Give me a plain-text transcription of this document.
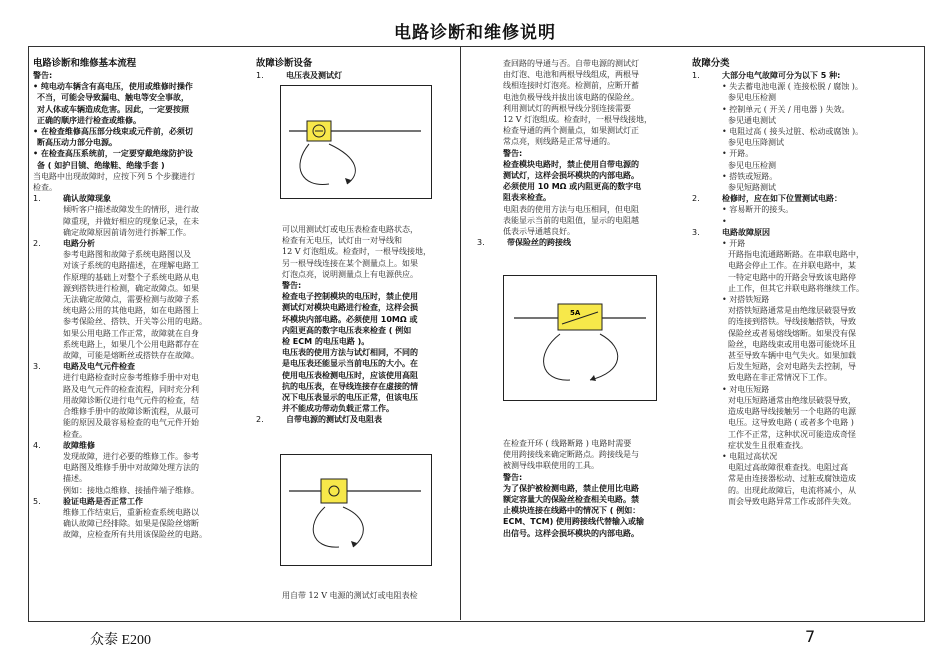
电路诊断和维修说明

电路诊断和维修基本流程

警告:

• 纯电动车辆含有高电压，使用或维修时操作

不当，可能会导致漏电、触电等安全事故，

对人体或车辆造成危害。因此，一定要按照

正确的顺序进行检查或维修。

• 在检查维修高压部分线束或元件前，必须切

断高压动力部分电源。

• 在检查高压系统前，一定要穿戴绝缘防护设

备 ( 如护目镜、绝缘鞋、绝缘手套 )

当电路中出现故障时，应按下列 5 个步骤进行

检查。

1.	确认故障现象

倾听客户描述故障发生的情形，进行故

障重现，并做好相应的现象记录，在未

确定故障原因前请勿进行拆解工作。

2.	电路分析

参考电路图和故障子系统电路图以及

对该子系统的电路描述，在理解电路工

作原理的基础上对整个子系统电路从电

源到搭铁进行检测，确定故障点。如果

无法确定故障点，需要检测与故障子系

统电路公用的其他电路，如在电路图上

参考保险丝、搭铁、开关等公用的电路。

如果公用电路工作正常，故障就在自身

系统电路上，如果几个公用电路都存在

故障，可能是熔断丝或搭铁存在故障。

3.	电路及电气元件检查

进行电路检查时应参考维修手册中对电

路及电气元件的检查流程，同时充分利

用故障诊断仪进行电气元件的检查，结

合维修手册中的故障诊断流程，从最可

能的原因及最容易检查的电气元件开始

检查。

4.	故障维修

发现故障，进行必要的维修工作。参考

电路图及维修手册中对故障处理方法的

描述。

例如：接地点维修、接插件端子维修。

5.	验证电路是否正常工作

维修工作结束后，重新检查系统电路以

确认故障已经排除。如果是保险丝熔断

故障，应检查所有共用该保险丝的电路。

故障诊断设备

1.	电压表及测试灯

可以用测试灯或电压表检查电路状态，

检查有无电压，试灯由一对导线和

12 V 灯泡组成。检查时，一根导线接地，

另一根导线连接在某个测量点上。如果

灯泡点亮，说明测量点上有电源供应。

警告:

检查电子控制模块的电压时，禁止使用

测试灯对模块电路进行检查，这样会损

坏模块内部电路。必须使用 10MΩ 或

内阻更高的数字电压表来检查 ( 例如

检 ECM 的电压电路 )。

电压表的使用方法与试灯相同，不同的

是电压表还能显示当前电压的大小。在

使用电压表检测电压时，应该使用高阻

抗的电压表，在导线连接存在虚接的情

况下电压表显示的电压正常，但该电压

并不能成功带动负载正常工作。

2.	自带电源的测试灯及电阻表

用自带 12 V 电源的测试灯或电阻表检

查回路的导通与否。自带电源的测试灯

由灯泡、电池和两根导线组成，两根导

线相连接时灯泡亮。检测前，应断开蓄

电池负极导线并拔出该电路的保险丝。

利用测试灯的两根导线分别连接需要

12 V 灯泡组成。检查时，一根导线接地，

检查导通的两个测量点，如果测试灯正

常点亮，则线路是正常导通的。

警告:

检查模块电路时，禁止使用自带电源的

测试灯，这样会损坏模块的内部电路。

必须使用 10 MΩ 或内阻更高的数字电

阻表来检查。

电阻表的使用方法与电压相同，但电阻

表能显示当前的电阻值，显示的电阻越

低表示导通越良好。

3.	带保险丝的跨接线
5A

在检查开环 ( 线路断路 ) 电路时需要

使用跨接线来确定断路点。跨接线是与

被测导线串联使用的工具。

警告:

为了保护被检测电路，禁止使用比电路

额定容量大的保险丝检查相关电路。禁

止模块连接在线路中的情况下 ( 例如：

ECM、TCM) 使用跨接线代替输入或输

出信号。这样会损坏模块的内部电路。

故障分类

1.	大部分电气故障可分为以下 5 种:

• 失去蓄电池电源 ( 连接松脱 / 腐蚀 )。

参见电压检测

• 控制单元 ( 开关 / 用电器 ) 失效。

参见通电测试

• 电阻过高 ( 接头过脏、松动或腐蚀 )。

参见电压降测试

• 开路。

参见电压检测

• 搭铁或短路。

参见短路测试

2.	检修时，应在如下位置测试电路：

• 容易断开的接头。

•

3.	电路故障原因

• 开路

开路指电流通路断路。在串联电路中，

电路会停止工作。在并联电路中，某

一特定电路中的开路会导致该电路停

止工作，但其它并联电路将继续工作。

• 对搭铁短路

对搭铁短路通常是由绝缘层破裂导致

的连接到搭铁。导线接触搭铁，导致

保险丝或者易熔线熔断。如果没有保

险丝，电路线束或用电器可能烧坏且

甚至导致车辆中电气失火。如果加载

后发生短路，会对电路失去控制，导

致电路在非正常情况下工作。

• 对电压短路

对电压短路通常由绝缘层破裂导致，

造成电路导线接触另一个电路的电源

电压。这导致电路 ( 或者多个电路 )

工作不正常，这种状况可能造成奇怪

症状发生且很难查找。

• 电阻过高状况

电阻过高故障很难查找。电阻过高

常是由连接器松动、过脏或腐蚀造成

的。出现此故障后，电流将减小，从

而会导致电路异常工作或部件失效。

众泰 E200	7
